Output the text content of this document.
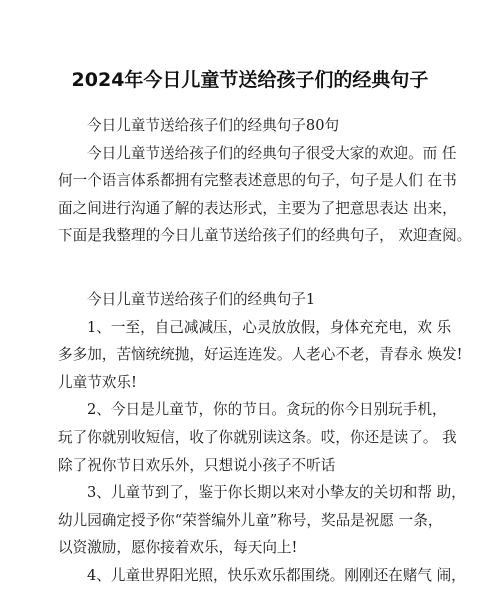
2024年今日儿童节送给孩子们的经典句子
今日儿童节送给孩子们的经典句子80句
今日儿童节送给孩子们的经典句子很受大家的欢迎。而 任
何一个语言体系都拥有完整表述意思的句子，句子是人们 在书
面之间进行沟通了解的表达形式，主要为了把意思表达 出来，
下面是我整理的今日儿童节送给孩子们的经典句子， 欢迎查阅。
今日儿童节送给孩子们的经典句子1
1、一至，自己减减压，心灵放放假，身体充充电，欢 乐
多多加，苦恼统统抛，好运连连发。人老心不老，青春永 焕发!
儿童节欢乐!
2、今日是儿童节，你的节日。贪玩的你今日别玩手机，
玩了你就别收短信，收了你就别读这条。哎，你还是读了。 我
除了祝你节日欢乐外，只想说小孩子不听话
3、儿童节到了，鉴于你长期以来对小挚友的关切和帮 助，
幼儿园确定授予你“荣誉编外儿童”称号，奖品是祝愿 一条，
以资激励，愿你接着欢乐，每天向上!
4、儿童世界阳光照，快乐欢乐都围绕。刚刚还在赌气 闹，
